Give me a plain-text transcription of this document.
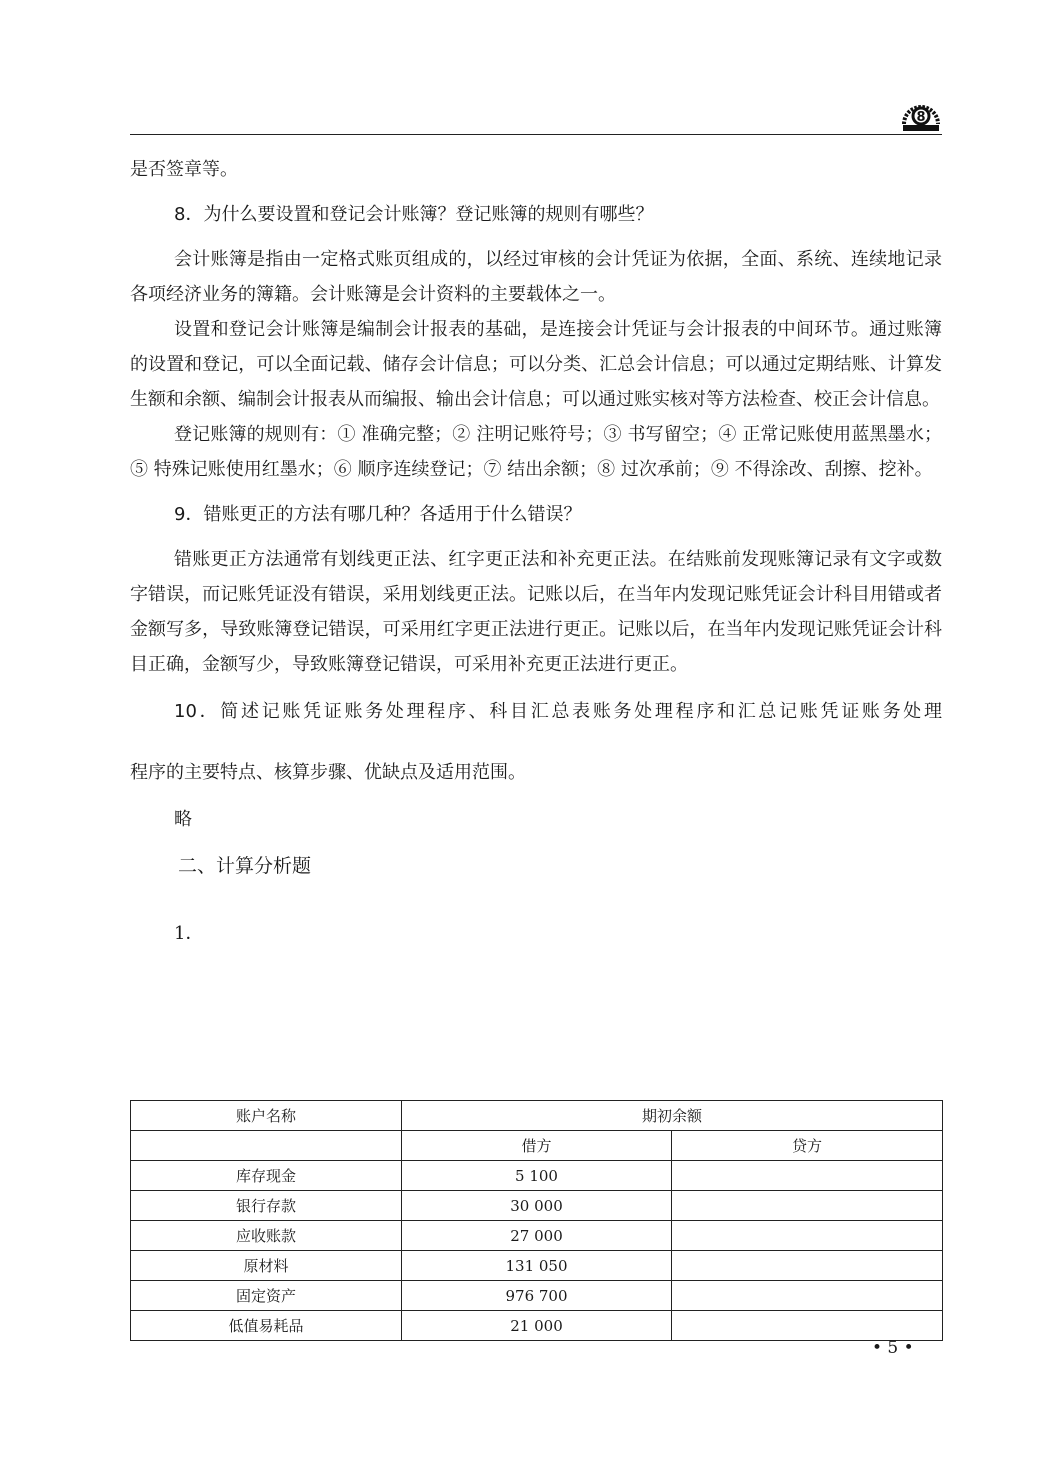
8

是否签章等。

8．为什么要设置和登记会计账簿？登记账簿的规则有哪些？

会计账簿是指由一定格式账页组成的，以经过审核的会计凭证为依据，全面、系统、连续地记录各项经济业务的簿籍。会计账簿是会计资料的主要载体之一。

设置和登记会计账簿是编制会计报表的基础，是连接会计凭证与会计报表的中间环节。通过账簿的设置和登记，可以全面记载、储存会计信息；可以分类、汇总会计信息；可以通过定期结账、计算发生额和余额、编制会计报表从而编报、输出会计信息；可以通过账实核对等方法检查、校正会计信息。

登记账簿的规则有：① 准确完整；② 注明记账符号；③ 书写留空；④ 正常记账使用蓝黑墨水；⑤ 特殊记账使用红墨水；⑥ 顺序连续登记；⑦ 结出余额；⑧ 过次承前；⑨ 不得涂改、刮擦、挖补。

9．错账更正的方法有哪几种？各适用于什么错误？

错账更正方法通常有划线更正法、红字更正法和补充更正法。在结账前发现账簿记录有文字或数字错误，而记账凭证没有错误，采用划线更正法。记账以后，在当年内发现记账凭证会计科目用错或者金额写多，导致账簿登记错误，可采用红字更正法进行更正。记账以后，在当年内发现记账凭证会计科目正确，金额写少，导致账簿登记错误，可采用补充更正法进行更正。

10．简述记账凭证账务处理程序、科目汇总表账务处理程序和汇总记账凭证账务处理
程序的主要特点、核算步骤、优缺点及适用范围。

略

二、计算分析题

1．

账户名称	期初余额	
	借方	贷方
库存现金	5 100	
银行存款	30 000	
应收账款	27 000	
原材料	131 050	
固定资产	976 700	
低值易耗品	21 000	
• 5 •
